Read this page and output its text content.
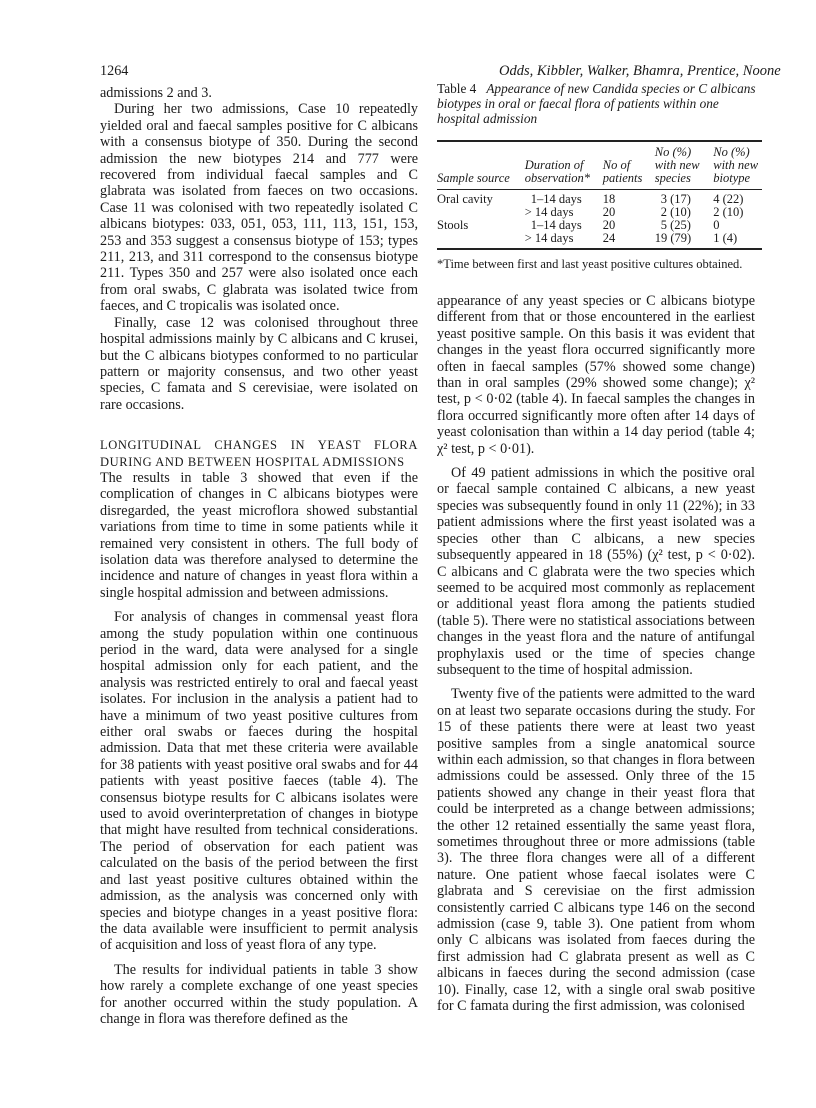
1264	Odds, Kibbler, Walker, Bhamra, Prentice, Noone

admissions 2 and 3.

During her two admissions, Case 10 repeatedly yielded oral and faecal samples positive for C albicans with a consensus biotype of 350. During the second admission the new biotypes 214 and 777 were recovered from individual faecal samples and C glabrata was isolated from faeces on two occasions. Case 11 was colonised with two repeatedly isolated C albicans biotypes: 033, 051, 053, 111, 113, 151, 153, 253 and 353 suggest a consensus biotype of 153; types 211, 213, and 311 correspond to the consensus biotype 211. Types 350 and 257 were also isolated once each from oral swabs, C glabrata was isolated twice from faeces, and C tropicalis was isolated once.

Finally, case 12 was colonised throughout three hospital admissions mainly by C albicans and C krusei, but the C albicans biotypes conformed to no particular pattern or majority consensus, and two other yeast species, C famata and S cerevisiae, were isolated on rare occasions.

LONGITUDINAL CHANGES IN YEAST FLORA DURING AND BETWEEN HOSPITAL ADMISSIONS

The results in table 3 showed that even if the complication of changes in C albicans biotypes were disregarded, the yeast microflora showed substantial variations from time to time in some patients while it remained very consistent in others. The full body of isolation data was therefore analysed to determine the incidence and nature of changes in yeast flora within a single hospital admission and between admissions.

For analysis of changes in commensal yeast flora among the study population within one continuous period in the ward, data were analysed for a single hospital admission only for each patient, and the analysis was restricted entirely to oral and faecal yeast isolates. For inclusion in the analysis a patient had to have a minimum of two yeast positive cultures from either oral swabs or faeces during the hospital admission. Data that met these criteria were available for 38 patients with yeast positive oral swabs and for 44 patients with yeast positive faeces (table 4). The consensus biotype results for C albicans isolates were used to avoid overinterpretation of changes in biotype that might have resulted from technical considerations. The period of observation for each patient was calculated on the basis of the period between the first and last yeast positive cultures obtained within the admission, as the analysis was concerned only with species and biotype changes in a yeast positive flora: the data available were insufficient to permit analysis of acquisition and loss of yeast flora of any type.

The results for individual patients in table 3 show how rarely a complete exchange of one yeast species for another occurred within the study population. A change in flora was therefore defined as the

Table 4 Appearance of new Candida species or C albicans biotypes in oral or faecal flora of patients within one hospital admission
Sample source	Duration of observation*	No of patients	No (%) with new species	No (%) with new biotype
Oral cavity	1–14 days	18	3 (17)	4 (22)
	> 14 days	20	2 (10)	2 (10)
Stools	1–14 days	20	5 (25)	0
	> 14 days	24	19 (79)	1 (4)
*Time between first and last yeast positive cultures obtained.

appearance of any yeast species or C albicans biotype different from that or those encountered in the earliest yeast positive sample. On this basis it was evident that changes in the yeast flora occurred significantly more often in faecal samples (57% showed some change) than in oral samples (29% showed some change); χ² test, p < 0·02 (table 4). In faecal samples the changes in flora occurred significantly more often after 14 days of yeast colonisation than within a 14 day period (table 4; χ² test, p < 0·01).

Of 49 patient admissions in which the positive oral or faecal sample contained C albicans, a new yeast species was subsequently found in only 11 (22%); in 33 patient admissions where the first yeast isolated was a species other than C albicans, a new species subsequently appeared in 18 (55%) (χ² test, p < 0·02). C albicans and C glabrata were the two species which seemed to be acquired most commonly as replacement or additional yeast flora among the patients studied (table 5). There were no statistical associations between changes in the yeast flora and the nature of antifungal prophylaxis used or the time of species change subsequent to the time of hospital admission.

Twenty five of the patients were admitted to the ward on at least two separate occasions during the study. For 15 of these patients there were at least two yeast positive samples from a single anatomical source within each admission, so that changes in flora between admissions could be assessed. Only three of the 15 patients showed any change in their yeast flora that could be interpreted as a change between admissions; the other 12 retained essentially the same yeast flora, sometimes throughout three or more admissions (table 3). The three flora changes were all of a different nature. One patient whose faecal isolates were C glabrata and S cerevisiae on the first admission consistently carried C albicans type 146 on the second admission (case 9, table 3). One patient from whom only C albicans was isolated from faeces during the first admission had C glabrata present as well as C albicans in faeces during the second admission (case 10). Finally, case 12, with a single oral swab positive for C famata during the first admission, was colonised
